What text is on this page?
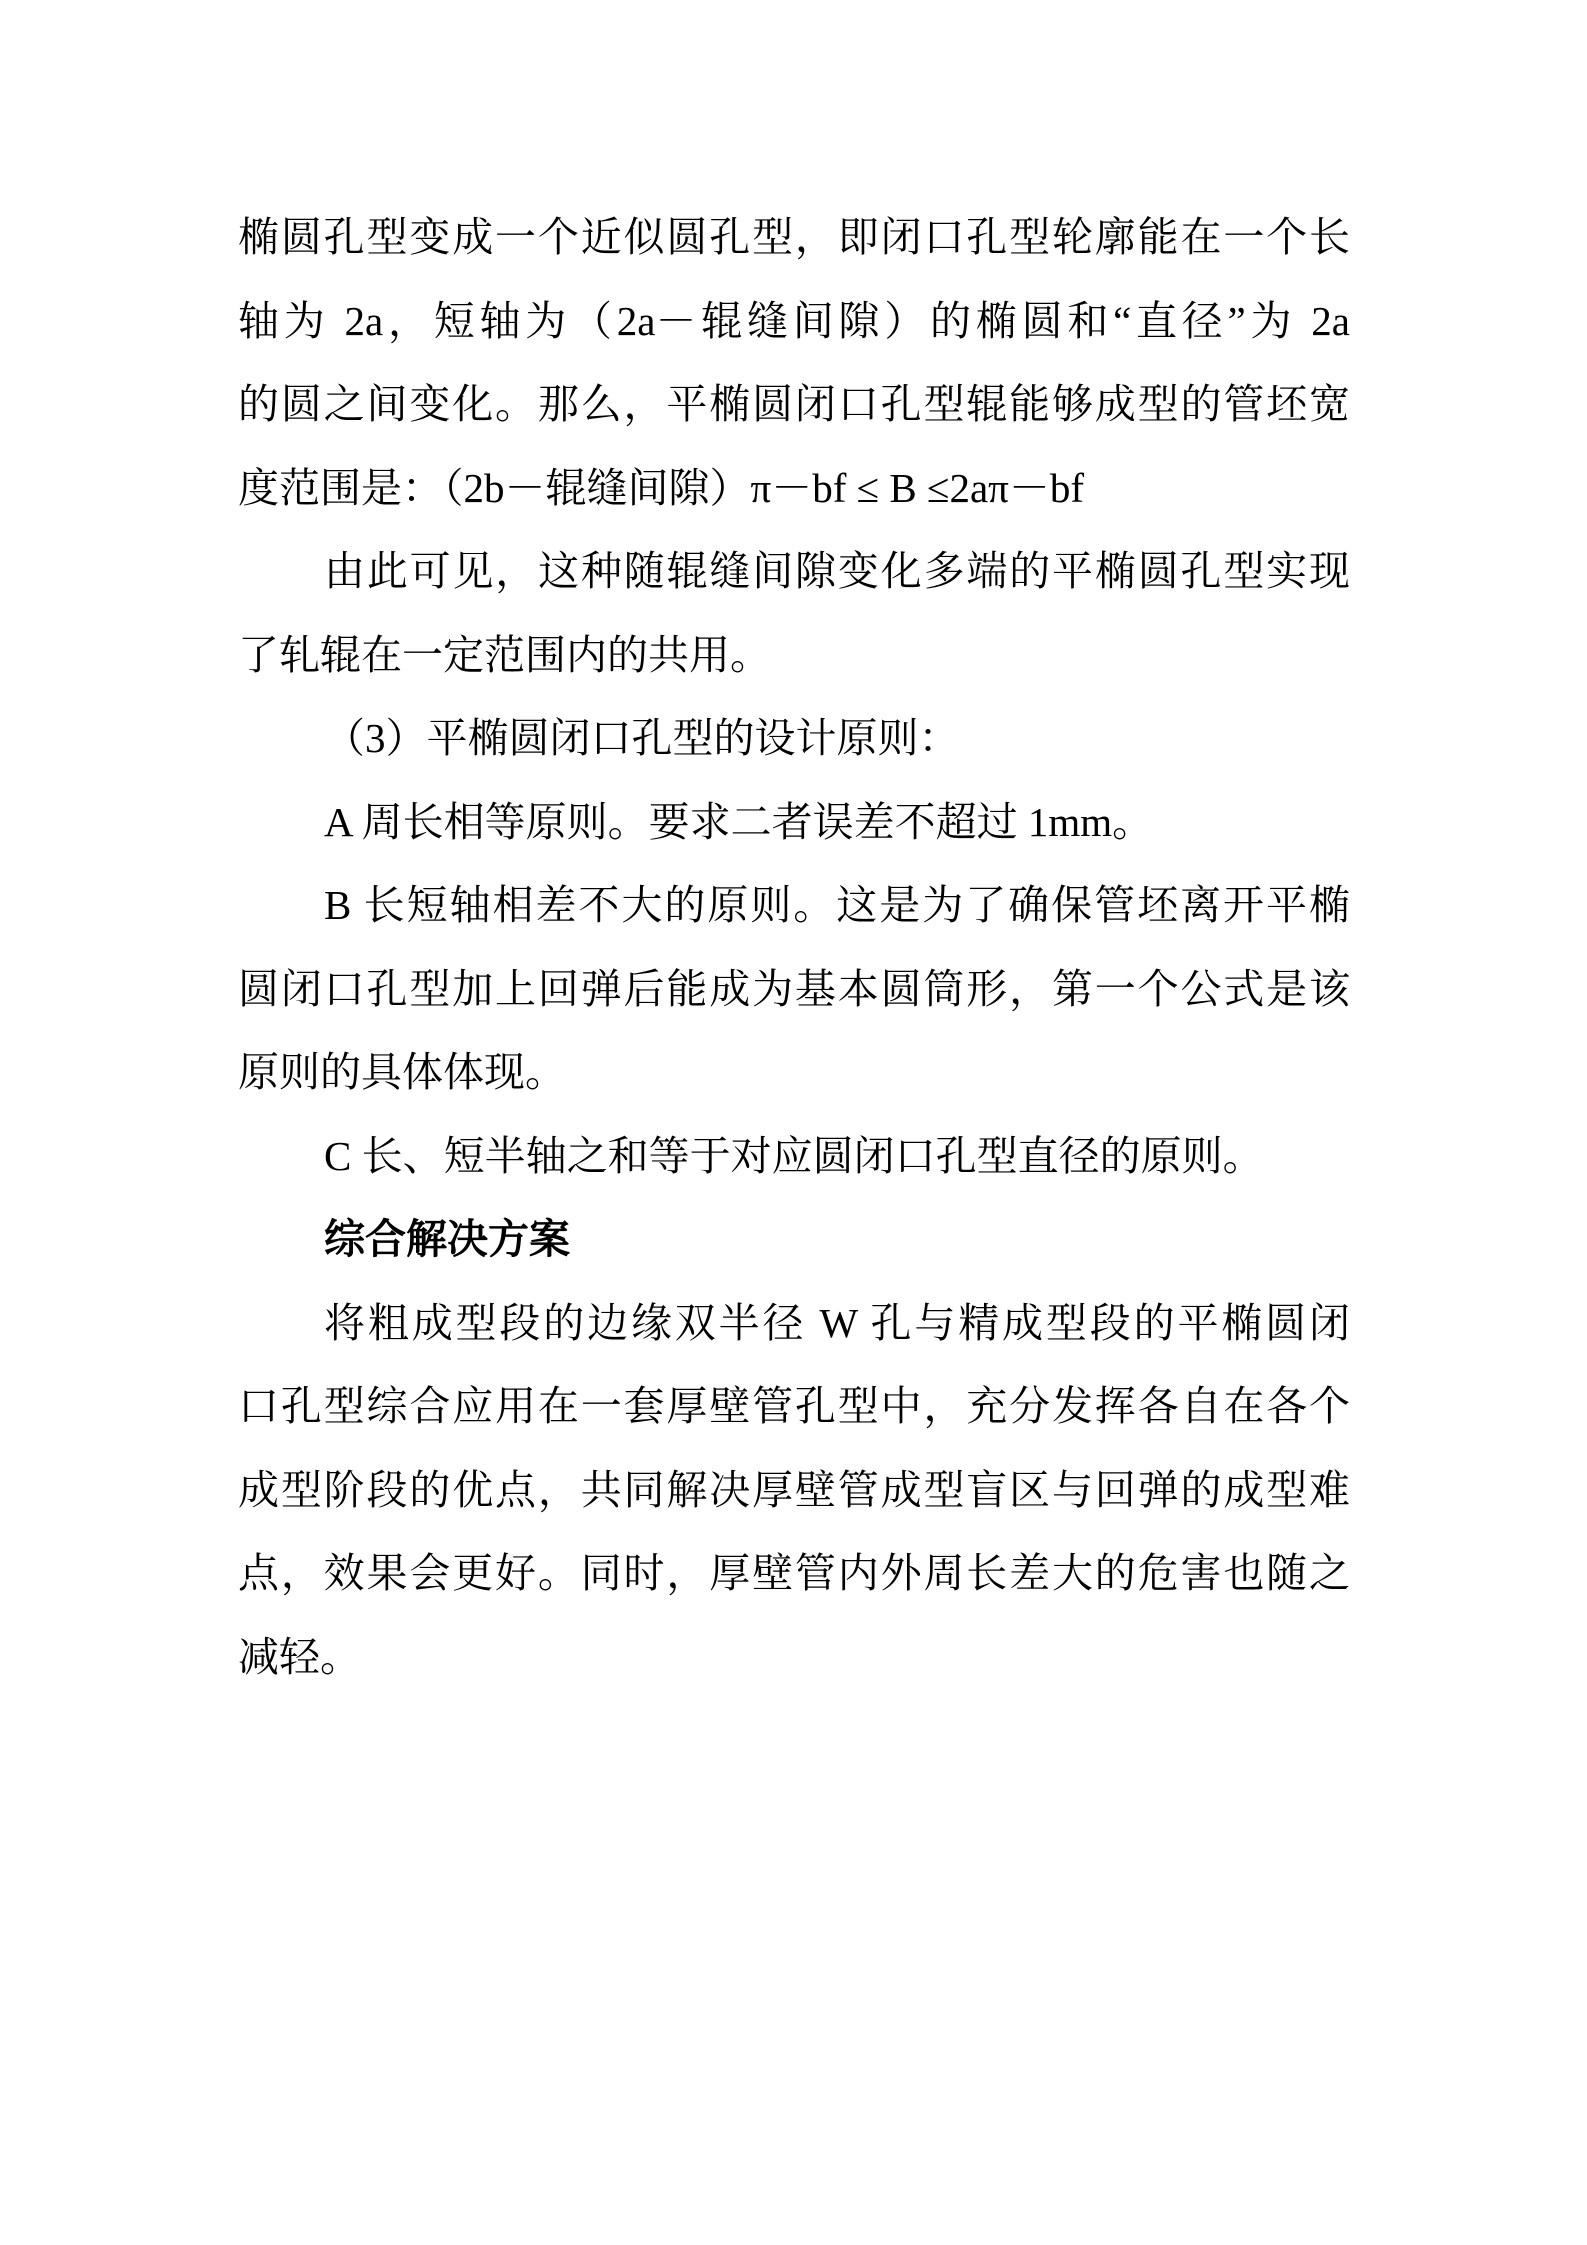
椭圆孔型变成一个近似圆孔型，即闭口孔型轮廓能在一个长
轴为 2a，短轴为（2a－辊缝间隙）的椭圆和“直径”为 2a
的圆之间变化。那么，平椭圆闭口孔型辊能够成型的管坯宽
度范围是：（2b－辊缝间隙）π－bf ≤ B ≤2aπ－bf
由此可见，这种随辊缝间隙变化多端的平椭圆孔型实现
了轧辊在一定范围内的共用。
（3）平椭圆闭口孔型的设计原则：
A 周长相等原则。要求二者误差不超过 1mm。
B 长短轴相差不大的原则。这是为了确保管坯离开平椭
圆闭口孔型加上回弹后能成为基本圆筒形，第一个公式是该
原则的具体体现。
C 长、短半轴之和等于对应圆闭口孔型直径的原则。
综合解决方案
将粗成型段的边缘双半径 W 孔与精成型段的平椭圆闭
口孔型综合应用在一套厚壁管孔型中，充分发挥各自在各个
成型阶段的优点，共同解决厚壁管成型盲区与回弹的成型难
点，效果会更好。同时，厚壁管内外周长差大的危害也随之
减轻。
